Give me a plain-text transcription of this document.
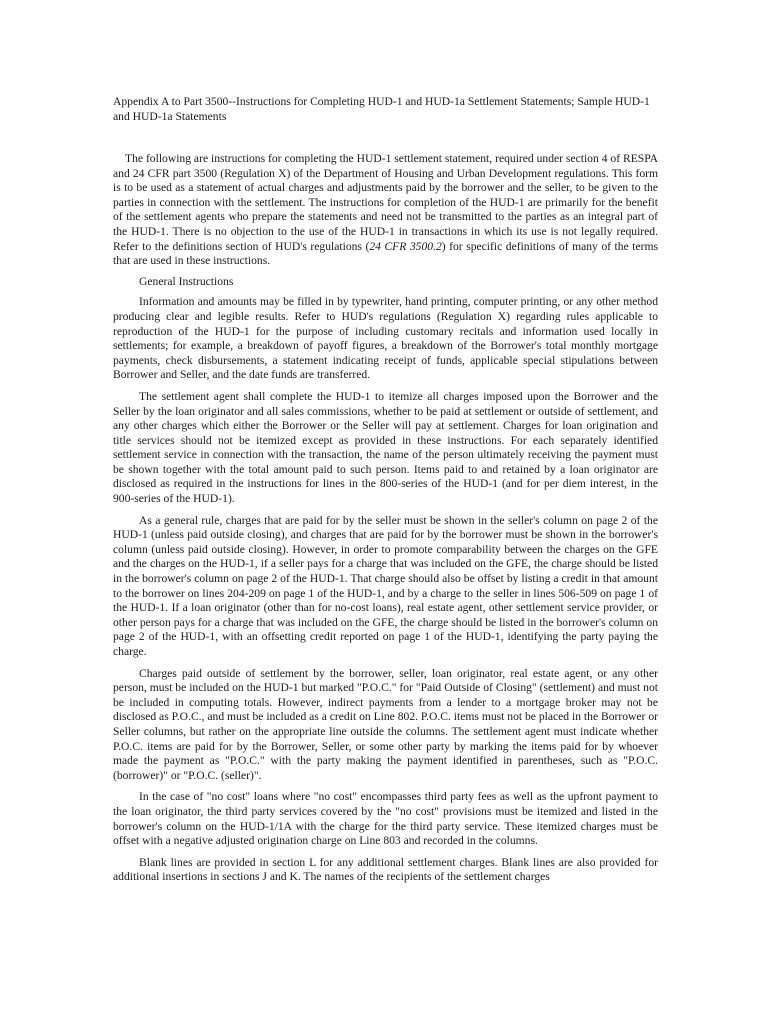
Appendix A to Part 3500--Instructions for Completing HUD-1 and HUD-1a Settlement Statements; Sample HUD-1 and HUD-1a Statements

The following are instructions for completing the HUD-1 settlement statement, required under section 4 of RESPA and 24 CFR part 3500 (Regulation X) of the Department of Housing and Urban Development regulations. This form is to be used as a statement of actual charges and adjustments paid by the borrower and the seller, to be given to the parties in connection with the settlement. The instructions for completion of the HUD-1 are primarily for the benefit of the settlement agents who prepare the statements and need not be transmitted to the parties as an integral part of the HUD-1. There is no objection to the use of the HUD-1 in transactions in which its use is not legally required. Refer to the definitions section of HUD's regulations (24 CFR 3500.2) for specific definitions of many of the terms that are used in these instructions.

General Instructions

Information and amounts may be filled in by typewriter, hand printing, computer printing, or any other method producing clear and legible results. Refer to HUD's regulations (Regulation X) regarding rules applicable to reproduction of the HUD-1 for the purpose of including customary recitals and information used locally in settlements; for example, a breakdown of payoff figures, a breakdown of the Borrower's total monthly mortgage payments, check disbursements, a statement indicating receipt of funds, applicable special stipulations between Borrower and Seller, and the date funds are transferred.

The settlement agent shall complete the HUD-1 to itemize all charges imposed upon the Borrower and the Seller by the loan originator and all sales commissions, whether to be paid at settlement or outside of settlement, and any other charges which either the Borrower or the Seller will pay at settlement. Charges for loan origination and title services should not be itemized except as provided in these instructions. For each separately identified settlement service in connection with the transaction, the name of the person ultimately receiving the payment must be shown together with the total amount paid to such person. Items paid to and retained by a loan originator are disclosed as required in the instructions for lines in the 800-series of the HUD-1 (and for per diem interest, in the 900-series of the HUD-1).

As a general rule, charges that are paid for by the seller must be shown in the seller's column on page 2 of the HUD-1 (unless paid outside closing), and charges that are paid for by the borrower must be shown in the borrower's column (unless paid outside closing). However, in order to promote comparability between the charges on the GFE and the charges on the HUD-1, if a seller pays for a charge that was included on the GFE, the charge should be listed in the borrower's column on page 2 of the HUD-1. That charge should also be offset by listing a credit in that amount to the borrower on lines 204-209 on page 1 of the HUD-1, and by a charge to the seller in lines 506-509 on page 1 of the HUD-1. If a loan originator (other than for no-cost loans), real estate agent, other settlement service provider, or other person pays for a charge that was included on the GFE, the charge should be listed in the borrower's column on page 2 of the HUD-1, with an offsetting credit reported on page 1 of the HUD-1, identifying the party paying the charge.

Charges paid outside of settlement by the borrower, seller, loan originator, real estate agent, or any other person, must be included on the HUD-1 but marked "P.O.C." for "Paid Outside of Closing" (settlement) and must not be included in computing totals. However, indirect payments from a lender to a mortgage broker may not be disclosed as P.O.C., and must be included as a credit on Line 802. P.O.C. items must not be placed in the Borrower or Seller columns, but rather on the appropriate line outside the columns. The settlement agent must indicate whether P.O.C. items are paid for by the Borrower, Seller, or some other party by marking the items paid for by whoever made the payment as "P.O.C." with the party making the payment identified in parentheses, such as "P.O.C. (borrower)" or "P.O.C. (seller)".

In the case of "no cost" loans where "no cost" encompasses third party fees as well as the upfront payment to the loan originator, the third party services covered by the "no cost" provisions must be itemized and listed in the borrower's column on the HUD-1/1A with the charge for the third party service. These itemized charges must be offset with a negative adjusted origination charge on Line 803 and recorded in the columns.

Blank lines are provided in section L for any additional settlement charges. Blank lines are also provided for additional insertions in sections J and K. The names of the recipients of the settlement charges
